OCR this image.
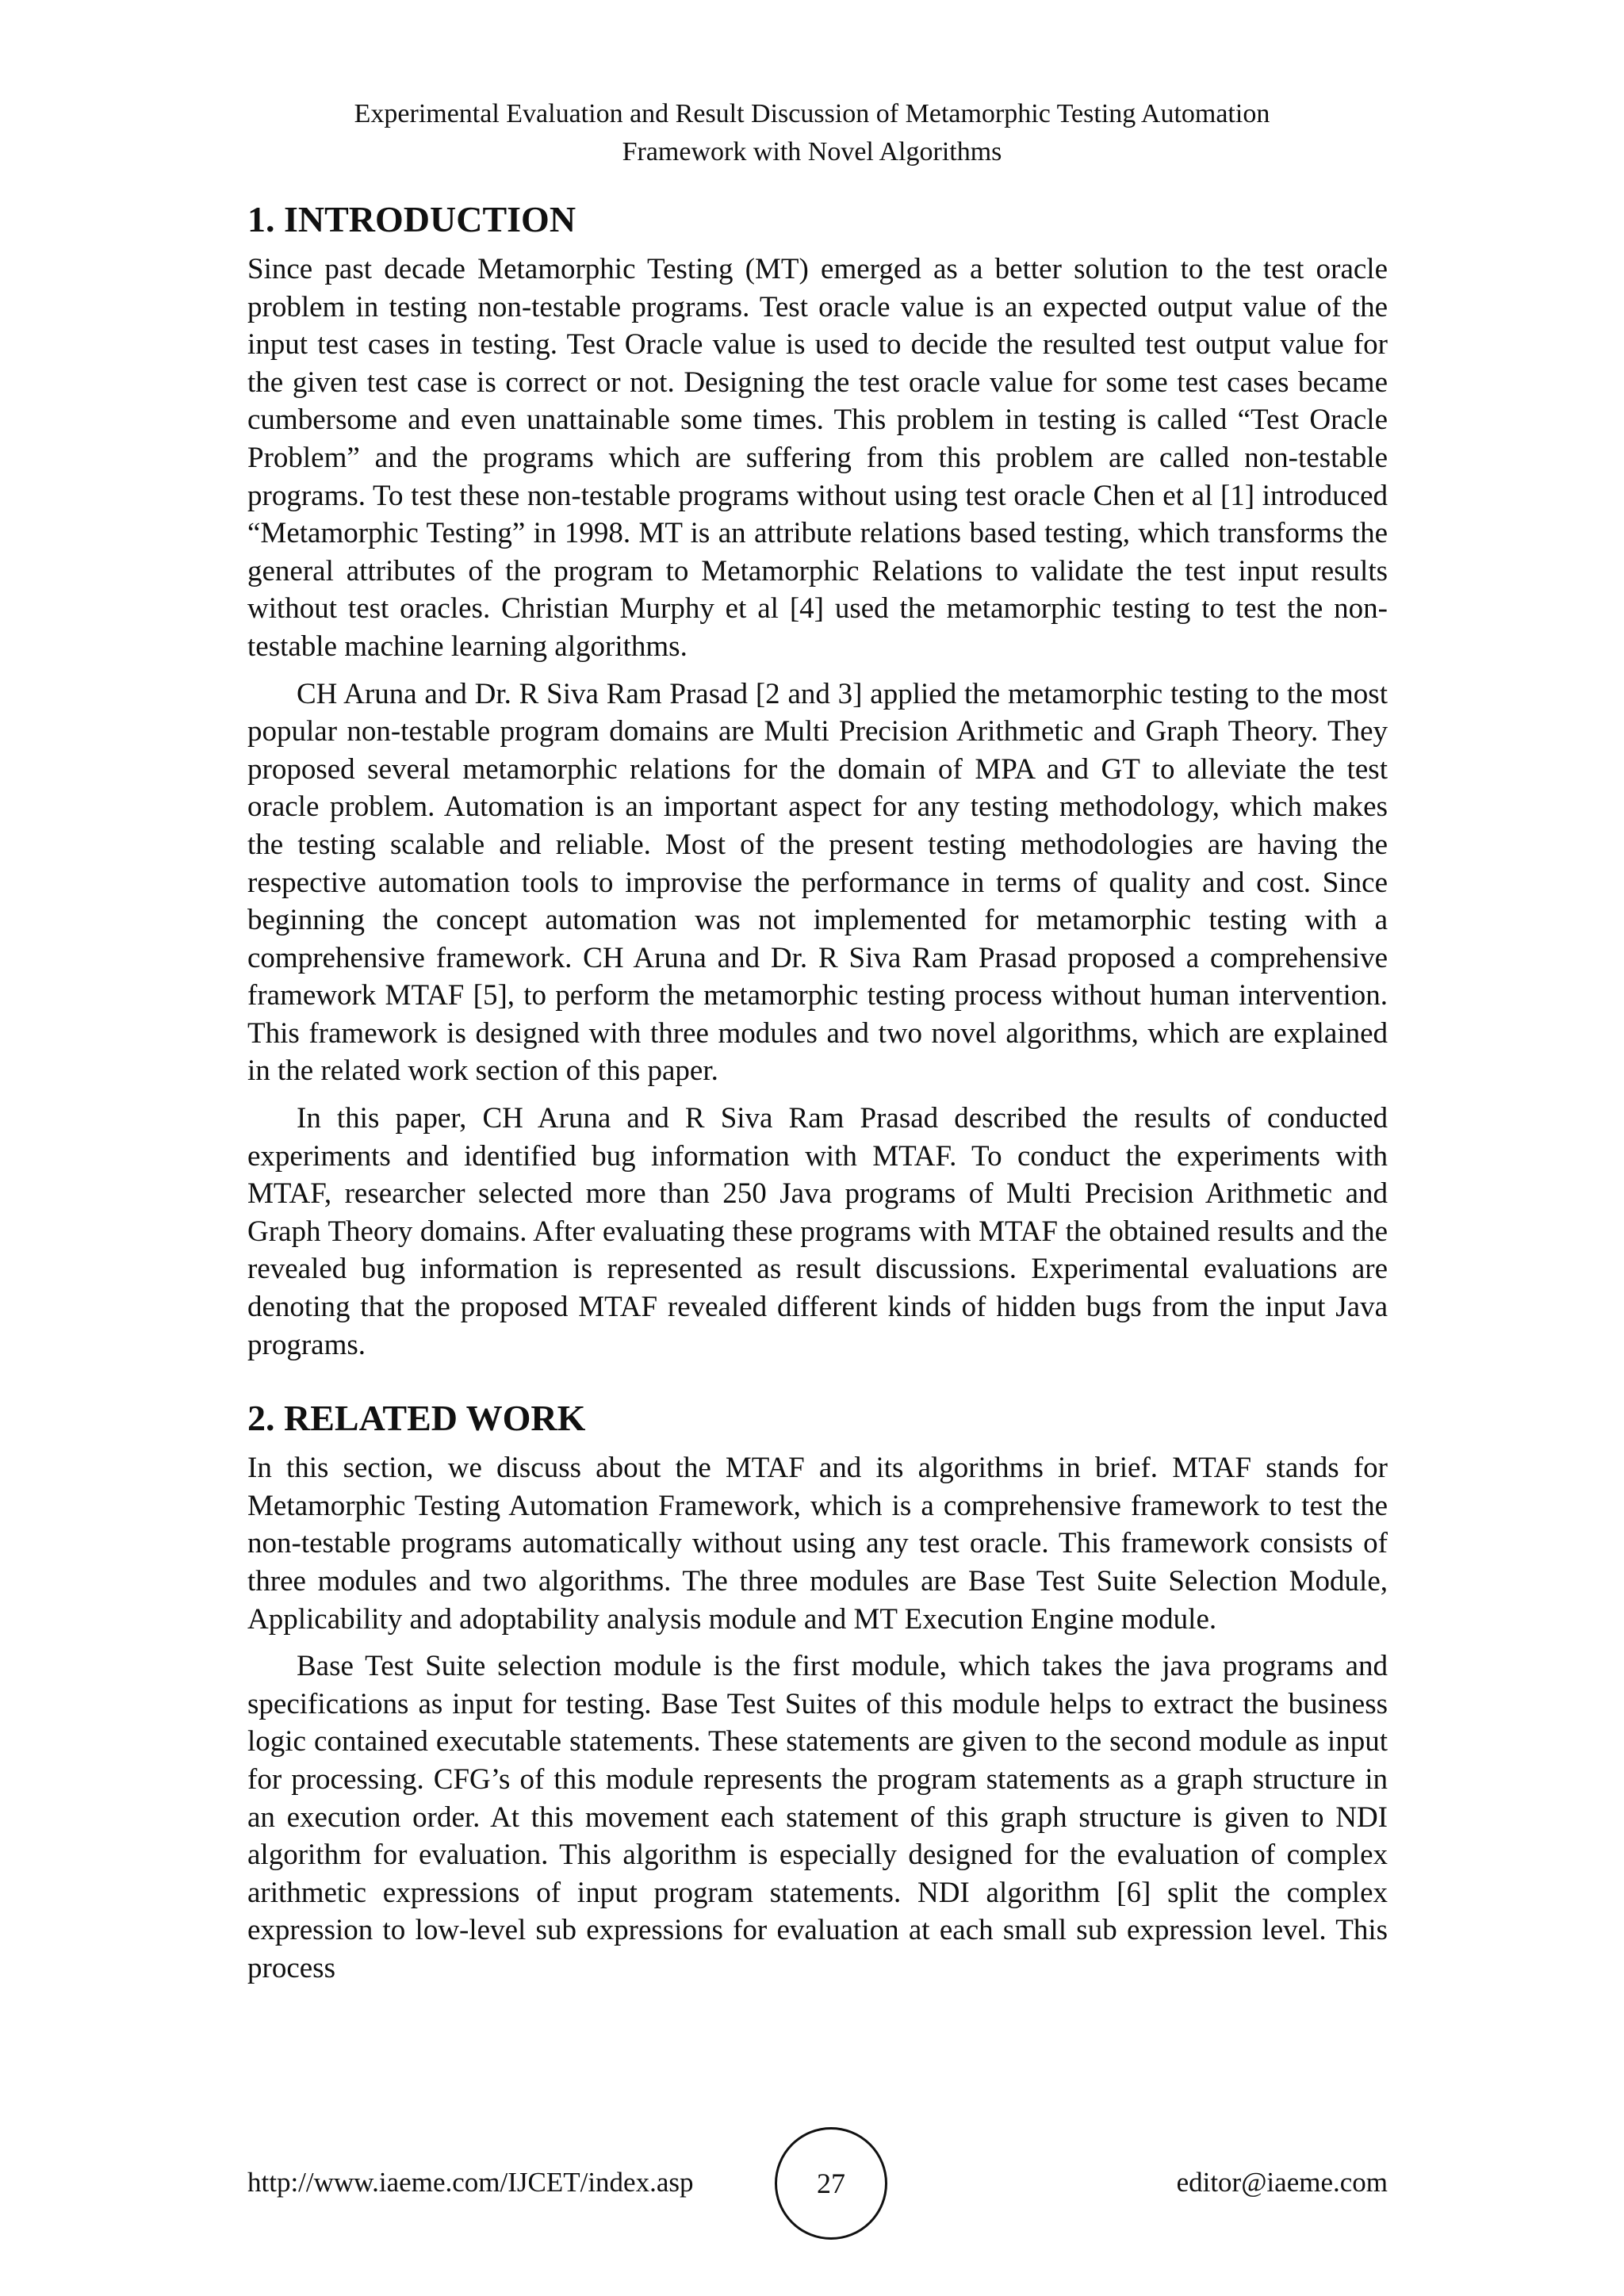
Experimental Evaluation and Result Discussion of Metamorphic Testing Automation
Framework with Novel Algorithms
1. INTRODUCTION

Since past decade Metamorphic Testing (MT) emerged as a better solution to the test oracle problem in testing non-testable programs. Test oracle value is an expected output value of the input test cases in testing. Test Oracle value is used to decide the resulted test output value for the given test case is correct or not. Designing the test oracle value for some test cases became cumbersome and even unattainable some times. This problem in testing is called “Test Oracle Problem” and the programs which are suffering from this problem are called non-testable programs. To test these non-testable programs without using test oracle Chen et al [1] introduced “Metamorphic Testing” in 1998. MT is an attribute relations based testing, which transforms the general attributes of the program to Metamorphic Relations to validate the test input results without test oracles. Christian Murphy et al [4] used the metamorphic testing to test the non-testable machine learning algorithms.

CH Aruna and Dr. R Siva Ram Prasad [2 and 3] applied the metamorphic testing to the most popular non-testable program domains are Multi Precision Arithmetic and Graph Theory. They proposed several metamorphic relations for the domain of MPA and GT to alleviate the test oracle problem. Automation is an important aspect for any testing methodology, which makes the testing scalable and reliable. Most of the present testing methodologies are having the respective automation tools to improvise the performance in terms of quality and cost. Since beginning the concept automation was not implemented for metamorphic testing with a comprehensive framework. CH Aruna and Dr. R Siva Ram Prasad proposed a comprehensive framework MTAF [5], to perform the metamorphic testing process without human intervention. This framework is designed with three modules and two novel algorithms, which are explained in the related work section of this paper.

In this paper, CH Aruna and R Siva Ram Prasad described the results of conducted experiments and identified bug information with MTAF. To conduct the experiments with MTAF, researcher selected more than 250 Java programs of Multi Precision Arithmetic and Graph Theory domains. After evaluating these programs with MTAF the obtained results and the revealed bug information is represented as result discussions. Experimental evaluations are denoting that the proposed MTAF revealed different kinds of hidden bugs from the input Java programs.

2. RELATED WORK

In this section, we discuss about the MTAF and its algorithms in brief. MTAF stands for Metamorphic Testing Automation Framework, which is a comprehensive framework to test the non-testable programs automatically without using any test oracle. This framework consists of three modules and two algorithms. The three modules are Base Test Suite Selection Module, Applicability and adoptability analysis module and MT Execution Engine module.

Base Test Suite selection module is the first module, which takes the java programs and specifications as input for testing. Base Test Suites of this module helps to extract the business logic contained executable statements. These statements are given to the second module as input for processing. CFG’s of this module represents the program statements as a graph structure in an execution order. At this movement each statement of this graph structure is given to NDI algorithm for evaluation. This algorithm is especially designed for the evaluation of complex arithmetic expressions of input program statements. NDI algorithm [6] split the complex expression to low-level sub expressions for evaluation at each small sub expression level. This process

http://www.iaeme.com/IJCET/index.asp	27	editor@iaeme.com
